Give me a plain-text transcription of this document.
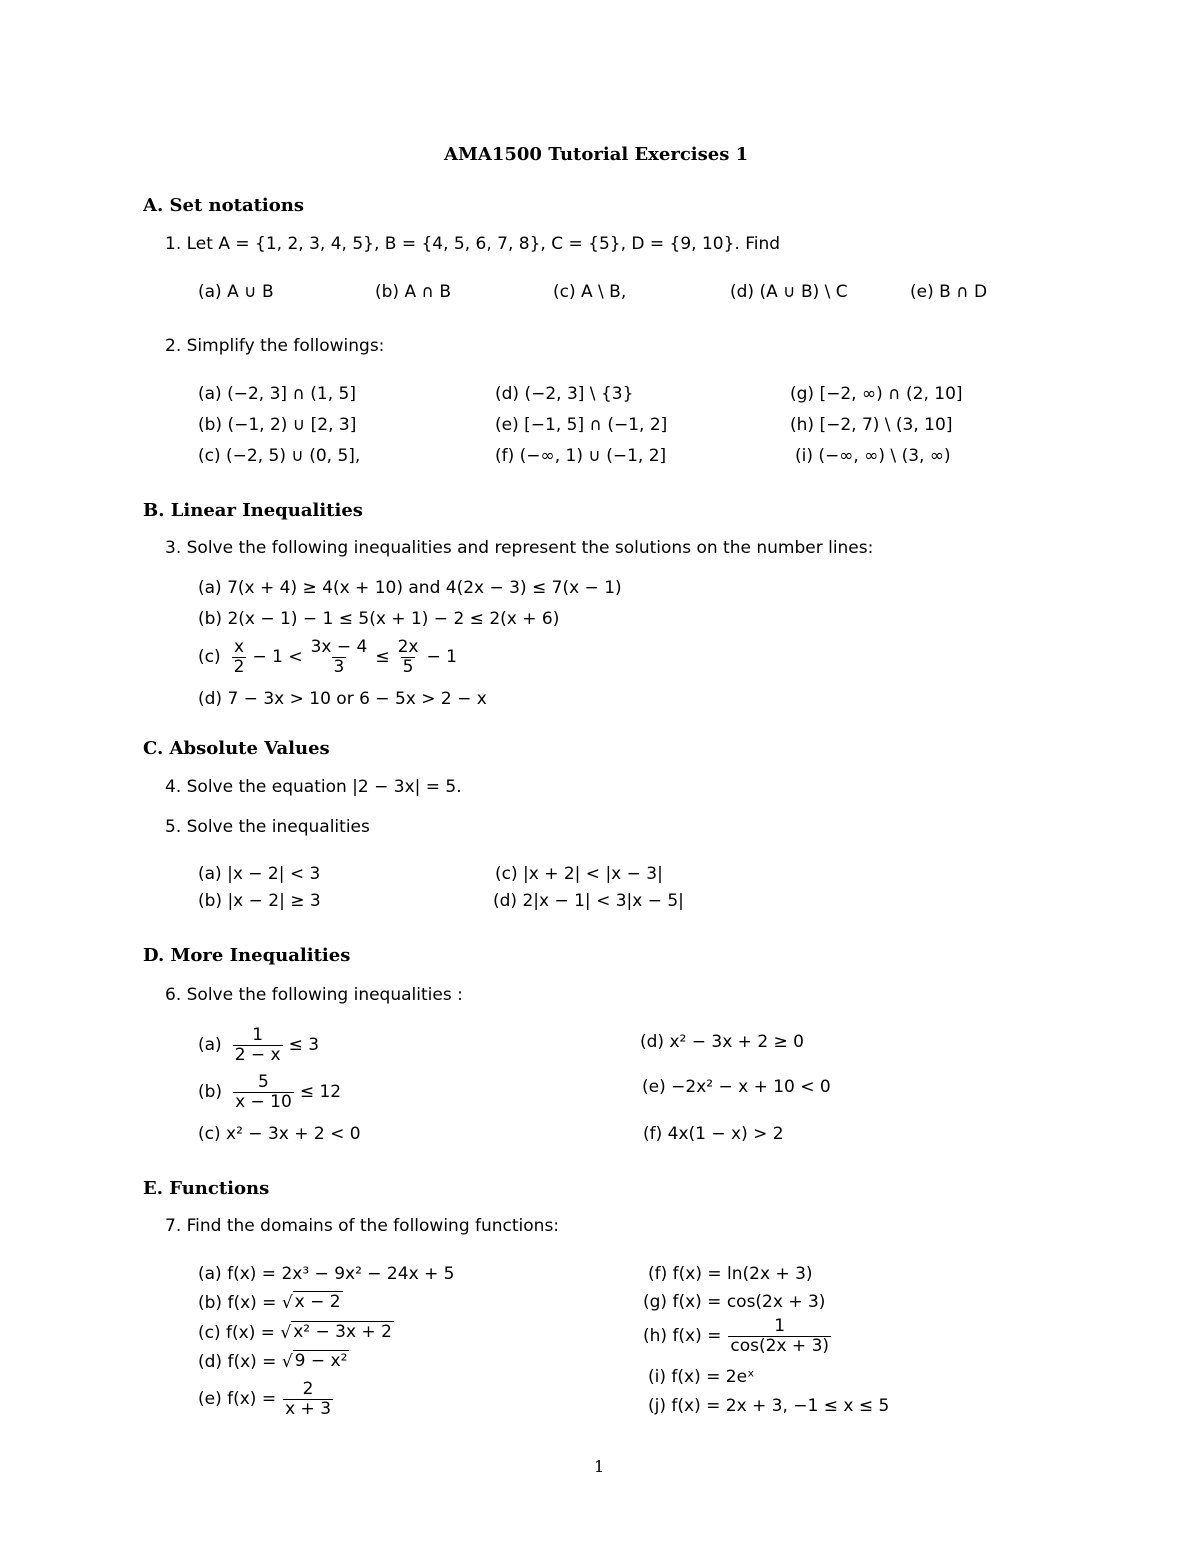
AMA1500 Tutorial Exercises 1
A. Set notations
1. Let A = {1, 2, 3, 4, 5}, B = {4, 5, 6, 7, 8}, C = {5}, D = {9, 10}. Find
(a) A ∪ B	(b) A ∩ B	(c) A \ B,	(d) (A ∪ B) \ C	(e) B ∩ D
2. Simplify the followings:
(a) (−2, 3] ∩ (1, 5]
(b) (−1, 2) ∪ [2, 3]
(c) (−2, 5) ∪ (0, 5],
(d) (−2, 3] \ {3}
(e) [−1, 5] ∩ (−1, 2]
(f) (−∞, 1) ∪ (−1, 2]
(g) [−2, ∞) ∩ (2, 10]
(h) [−2, 7) \ (3, 10]
(i) (−∞, ∞) \ (3, ∞)
B. Linear Inequalities
3. Solve the following inequalities and represent the solutions on the number lines:
(a) 7(x + 4) ≥ 4(x + 10) and 4(2x − 3) ≤ 7(x − 1)
(b) 2(x − 1) − 1 ≤ 5(x + 1) − 2 ≤ 2(x + 6)
$(c) \frac{x}{2} - 1 < \frac{3x - 4}{3} \le \frac{2x}{5} - 1$
(d) 7 − 3x > 10 or 6 − 5x > 2 − x
C. Absolute Values
4. Solve the equation |2 − 3x| = 5.
5. Solve the inequalities
(a) |x − 2| < 3
(b) |x − 2| ≥ 3
(c) |x + 2| < |x − 3|
(d) 2|x − 1| < 3|x − 5|
D. More Inequalities
6. Solve the following inequalities :
$(a) \frac{1}{2 - x} \le 3$
$(b) \frac{5}{x - 10} \le 12$
(c) x² − 3x + 2 < 0
(d) x² − 3x + 2 ≥ 0
(e) −2x² − x + 10 < 0
(f) 4x(1 − x) > 2
E. Functions
7. Find the domains of the following functions:
(a) f(x) = 2x³ − 9x² − 24x + 5
(b) f(x) = √ x − 2
(c) f(x) = √ x² − 3x + 2
(d) f(x) = √ 9 − x²
(e) $f(x) = \frac{2}{x + 3}$
(f) f(x) = ln(2x + 3)
(g) f(x) = cos(2x + 3)
(h) $f(x) = \frac{1}{\cos(2x + 3)}$
(i) f(x) = 2eˣ
(j) f(x) = 2x + 3, −1 ≤ x ≤ 5
1
